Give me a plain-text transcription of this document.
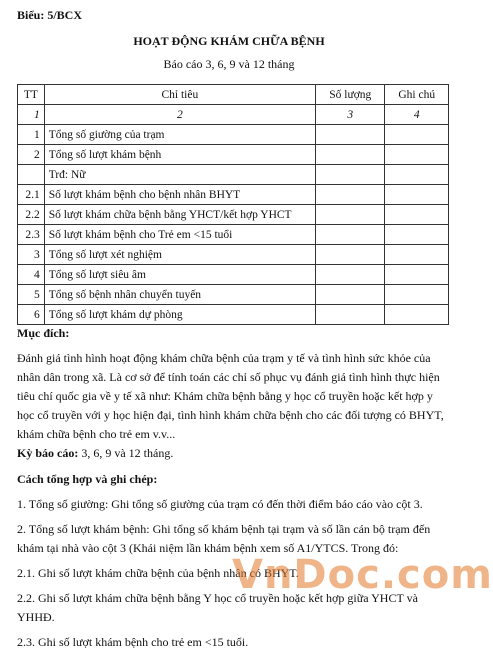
Biểu: 5/BCX
HOẠT ĐỘNG KHÁM CHỮA BỆNH
Báo cáo 3, 6, 9 và 12 tháng
TT	Chỉ tiêu	Số lượng	Ghi chú
1	2	3	4
1	Tổng số giường của trạm		
2	Tổng số lượt khám bệnh		
	Trđ: Nữ		
2.1	Số lượt khám bệnh cho bệnh nhân BHYT		
2.2	Số lượt khám chữa bệnh bằng YHCT/kết hợp YHCT		
2.3	Số lượt khám bệnh cho Trẻ em <15 tuổi		
3	Tổng số lượt xét nghiệm		
4	Tổng số lượt siêu âm		
5	Tổng số bệnh nhân chuyển tuyến		
6	Tổng số lượt khám dự phòng		

Mục đích:

Đánh giá tình hình hoạt động khám chữa bệnh của trạm y tế và tình hình sức khỏe của nhân dân trong xã. Là cơ sở để tính toán các chỉ số phục vụ đánh giá tình hình thực hiện tiêu chí quốc gia về y tế xã như: Khám chữa bệnh bằng y học cổ truyền hoặc kết hợp y học cổ truyền với y học hiện đại, tình hình khám chữa bệnh cho các đối tượng có BHYT, khám chữa bệnh cho trẻ em v.v...

Kỳ báo cáo: 3, 6, 9 và 12 tháng.

Cách tổng hợp và ghi chép:

1. Tổng số giường: Ghi tổng số giường của trạm có đến thời điểm báo cáo vào cột 3.

2. Tổng số lượt khám bệnh: Ghi tổng số khám bệnh tại trạm và số lần cán bộ trạm đến khám tại nhà vào cột 3 (Khái niệm lần khám bệnh xem số A1/YTCS. Trong đó:

2.1. Ghi số lượt khám chữa bệnh của bệnh nhân có BHYT.

2.2. Ghi số lượt khám chữa bệnh bằng Y học cổ truyền hoặc kết hợp giữa YHCT và YHHĐ.

2.3. Ghi số lượt khám bệnh cho trẻ em <15 tuổi.

VnDoc.com
